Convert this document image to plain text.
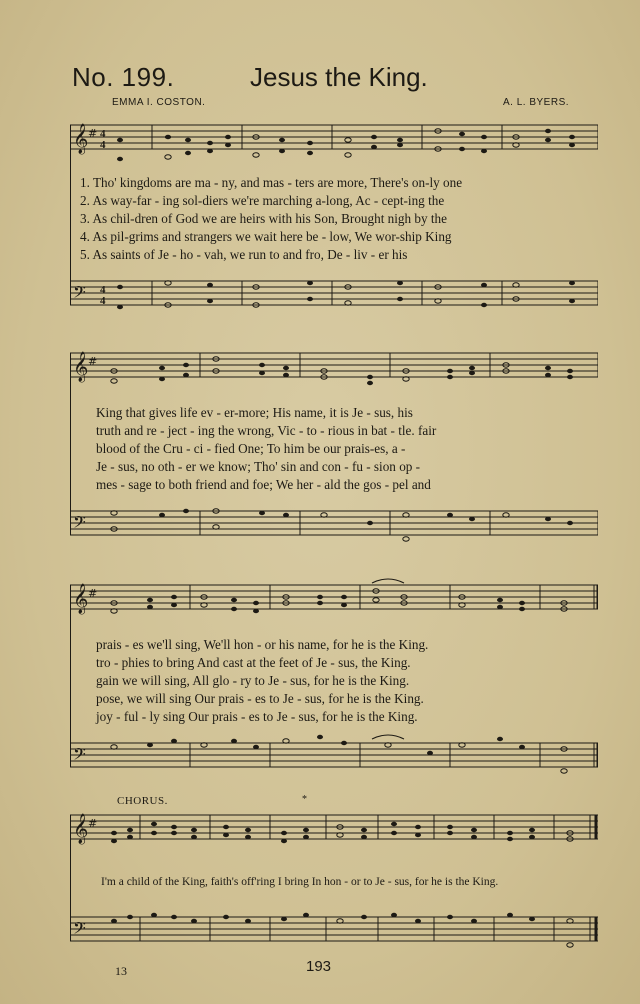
No. 199.	Jesus the King.
EMMA I. COSTON.	A. L. BYERS.
𝄞 # 4
4
𝄢 4
4
1. Tho' kingdoms are ma - ny, and mas - ters are more, There's on-ly one
2. As way-far - ing sol-diers we're marching a-long, Ac - cept-ing the
3. As chil-dren of God we are heirs with his Son, Brought nigh by the
4. As pil-grims and strangers we wait here be - low, We wor-ship King
5. As saints of Je - ho - vah, we run to and fro, De - liv - er his
𝄞 #
𝄢
King that gives life ev - er-more; His name, it is Je - sus, his
truth and re - ject - ing the wrong, Vic - to - rious in bat - tle. fair
blood of the Cru - ci - fied One; To him be our prais-es, a -
Je - sus, no oth - er we know; Tho' sin and con - fu - sion op -
mes - sage to both friend and foe; We her - ald the gos - pel and
𝄞 #
𝄢
prais - es we'll sing, We'll hon - or his name, for he is the King.
tro - phies to bring And cast at the feet of Je - sus, the King.
gain we will sing, All glo - ry to Je - sus, for he is the King.
pose, we will sing Our prais - es to Je - sus, for he is the King.
joy - ful - ly sing Our prais - es to Je - sus, for he is the King.
CHORUS.	*
𝄞 #
𝄢
I'm a child of the King, faith's off'ring I bring In hon - or to Je - sus, for he is the King.
13	193
